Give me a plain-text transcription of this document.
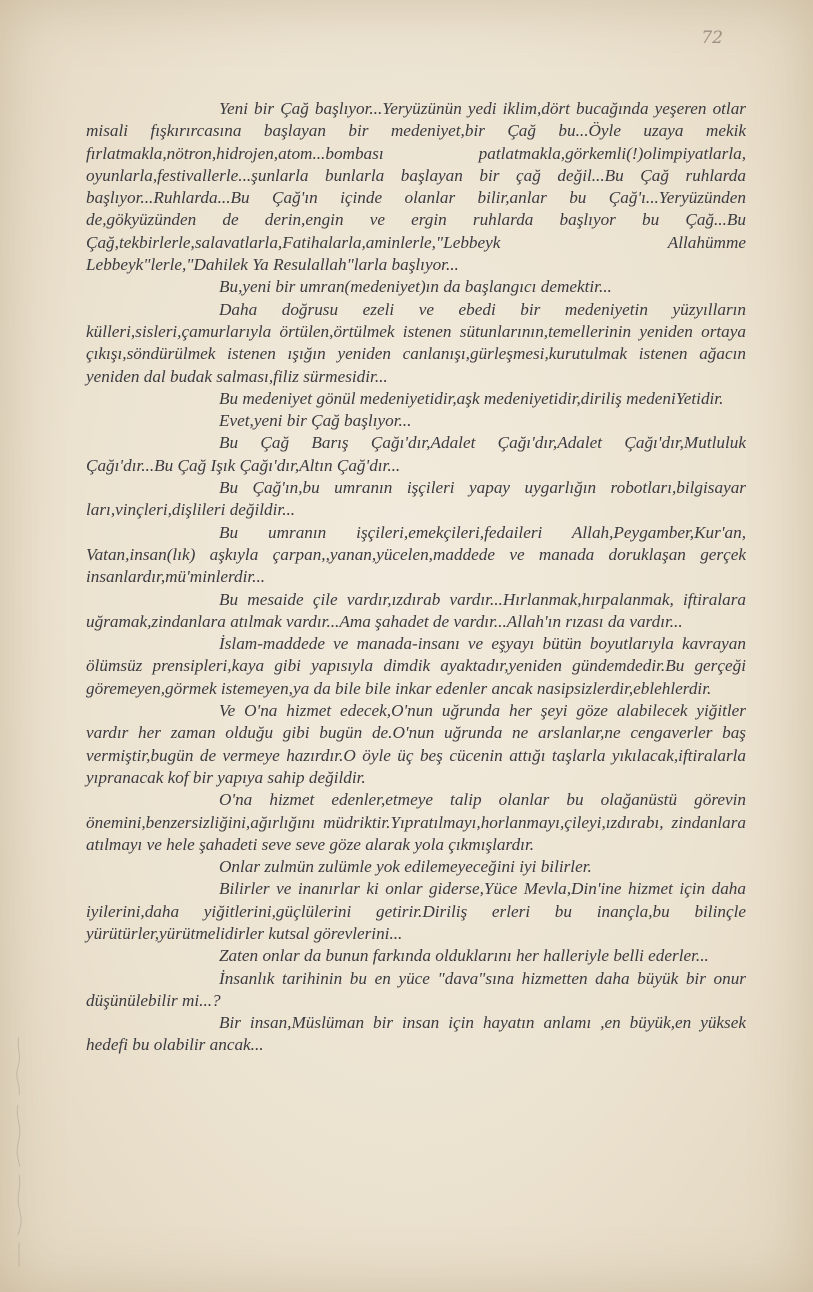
72

Yeni bir Çağ başlıyor...Yeryüzünün yedi iklim,dört bucağında yeşeren otlar misali fışkırırcasına başlayan bir medeniyet,bir Çağ bu...Öyle uzaya mekik fırlatmakla,nötron,hidrojen,atom...bombası patlatmakla,görkemli(!)olimpiyatlarla, oyunlarla,festivallerle...şunlarla bunlarla başlayan bir çağ değil...Bu Çağ ruhlarda başlıyor...Ruhlarda...Bu Çağ'ın içinde olanlar bilir,anlar bu Çağ'ı...Yeryüzünden de,gökyüzünden de derin,engin ve ergin ruhlarda başlıyor bu Çağ...Bu Çağ,tekbirlerle,salavatlarla,Fatihalarla,aminlerle,"Lebbeyk Allahümme Lebbeyk"lerle,"Dahilek Ya Resulallah"larla başlıyor...

Bu,yeni bir umran(medeniyet)ın da başlangıcı demektir...

Daha doğrusu ezeli ve ebedi bir medeniyetin yüzyılların külleri,sisleri,çamurlarıyla örtülen,örtülmek istenen sütunlarının,temellerinin yeniden ortaya çıkışı,söndürülmek istenen ışığın yeniden canlanışı,gürleşmesi,kurutulmak istenen ağacın yeniden dal budak salması,filiz sürmesidir...

Bu medeniyet gönül medeniyetidir,aşk medeniyetidir,diriliş medeniYetidir.

Evet,yeni bir Çağ başlıyor...

Bu Çağ Barış Çağı'dır,Adalet Çağı'dır,Adalet Çağı'dır,Mutluluk Çağı'dır...Bu Çağ Işık Çağı'dır,Altın Çağ'dır...

Bu Çağ'ın,bu umranın işçileri yapay uygarlığın robotları,bilgisayar ları,vinçleri,dişlileri değildir...

Bu umranın işçileri,emekçileri,fedaileri Allah,Peygamber,Kur'an, Vatan,insan(lık) aşkıyla çarpan,,yanan,yücelen,maddede ve manada doruklaşan gerçek insanlardır,mü'minlerdir...

Bu mesaide çile vardır,ızdırab vardır...Hırlanmak,hırpalanmak, iftiralara uğramak,zindanlara atılmak vardır...Ama şahadet de vardır...Allah'ın rızası da vardır...

İslam-maddede ve manada-insanı ve eşyayı bütün boyutlarıyla kavrayan ölümsüz prensipleri,kaya gibi yapısıyla dimdik ayaktadır,yeniden gündemdedir.Bu gerçeği göremeyen,görmek istemeyen,ya da bile bile inkar edenler ancak nasipsizlerdir,eblehlerdir.

Ve O'na hizmet edecek,O'nun uğrunda her şeyi göze alabilecek yiğitler vardır her zaman olduğu gibi bugün de.O'nun uğrunda ne arslanlar,ne cengaverler baş vermiştir,bugün de vermeye hazırdır.O öyle üç beş cücenin attığı taşlarla yıkılacak,iftiralarla yıpranacak kof bir yapıya sahip değildir.

O'na hizmet edenler,etmeye talip olanlar bu olağanüstü görevin önemini,benzersizliğini,ağırlığını müdriktir.Yıpratılmayı,horlanmayı,çileyi,ızdırabı, zindanlara atılmayı ve hele şahadeti seve seve göze alarak yola çıkmışlardır.

Onlar zulmün zulümle yok edilemeyeceğini iyi bilirler.

Bilirler ve inanırlar ki onlar giderse,Yüce Mevla,Din'ine hizmet için daha iyilerini,daha yiğitlerini,güçlülerini getirir.Diriliş erleri bu inançla,bu bilinçle yürütürler,yürütmelidirler kutsal görevlerini...

Zaten onlar da bunun farkında olduklarını her halleriyle belli ederler...

İnsanlık tarihinin bu en yüce "dava"sına hizmetten daha büyük bir onur düşünülebilir mi...?

Bir insan,Müslüman bir insan için hayatın anlamı ,en büyük,en yüksek hedefi bu olabilir ancak...
